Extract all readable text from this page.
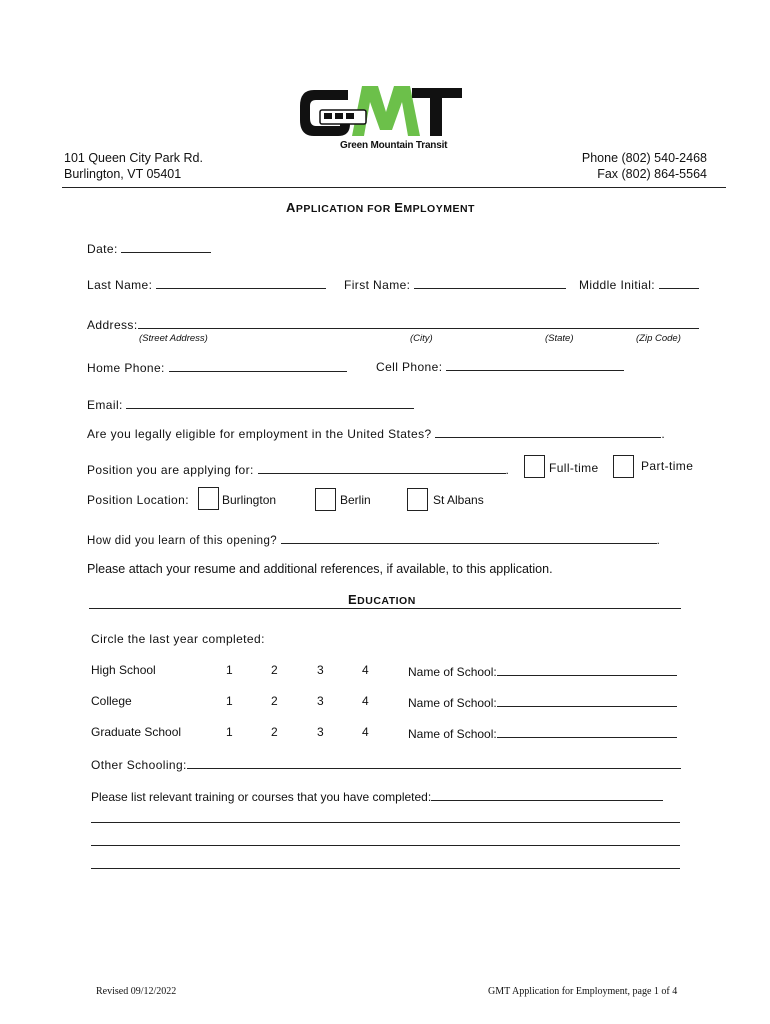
Green Mountain Transit
101 Queen City Park Rd.
Burlington, VT 05401
Phone (802) 540-2468
Fax (802) 864-5564
APPLICATION FOR EMPLOYMENT
Date:
Last Name:	First Name:	Middle Initial:
Address:
(Street Address)	(City)	(State)	(Zip Code)
Home Phone:	Cell Phone:
Email:
Are you legally eligible for employment in the United States?	.
Position you are applying for:	.	Full-time	Part-time
Position Location:	Burlington	Berlin	St Albans
How did you learn of this opening?	.
Please attach your resume and additional references, if available, to this application.
EDUCATION
Circle the last year completed:
High School	1	2	3	4	Name of School:
College	1	2	3	4	Name of School:
Graduate School	1	2	3	4	Name of School:
Other Schooling:
Please list relevant training or courses that you have completed:
Revised 09/12/2022	GMT Application for Employment, page 1 of 4
